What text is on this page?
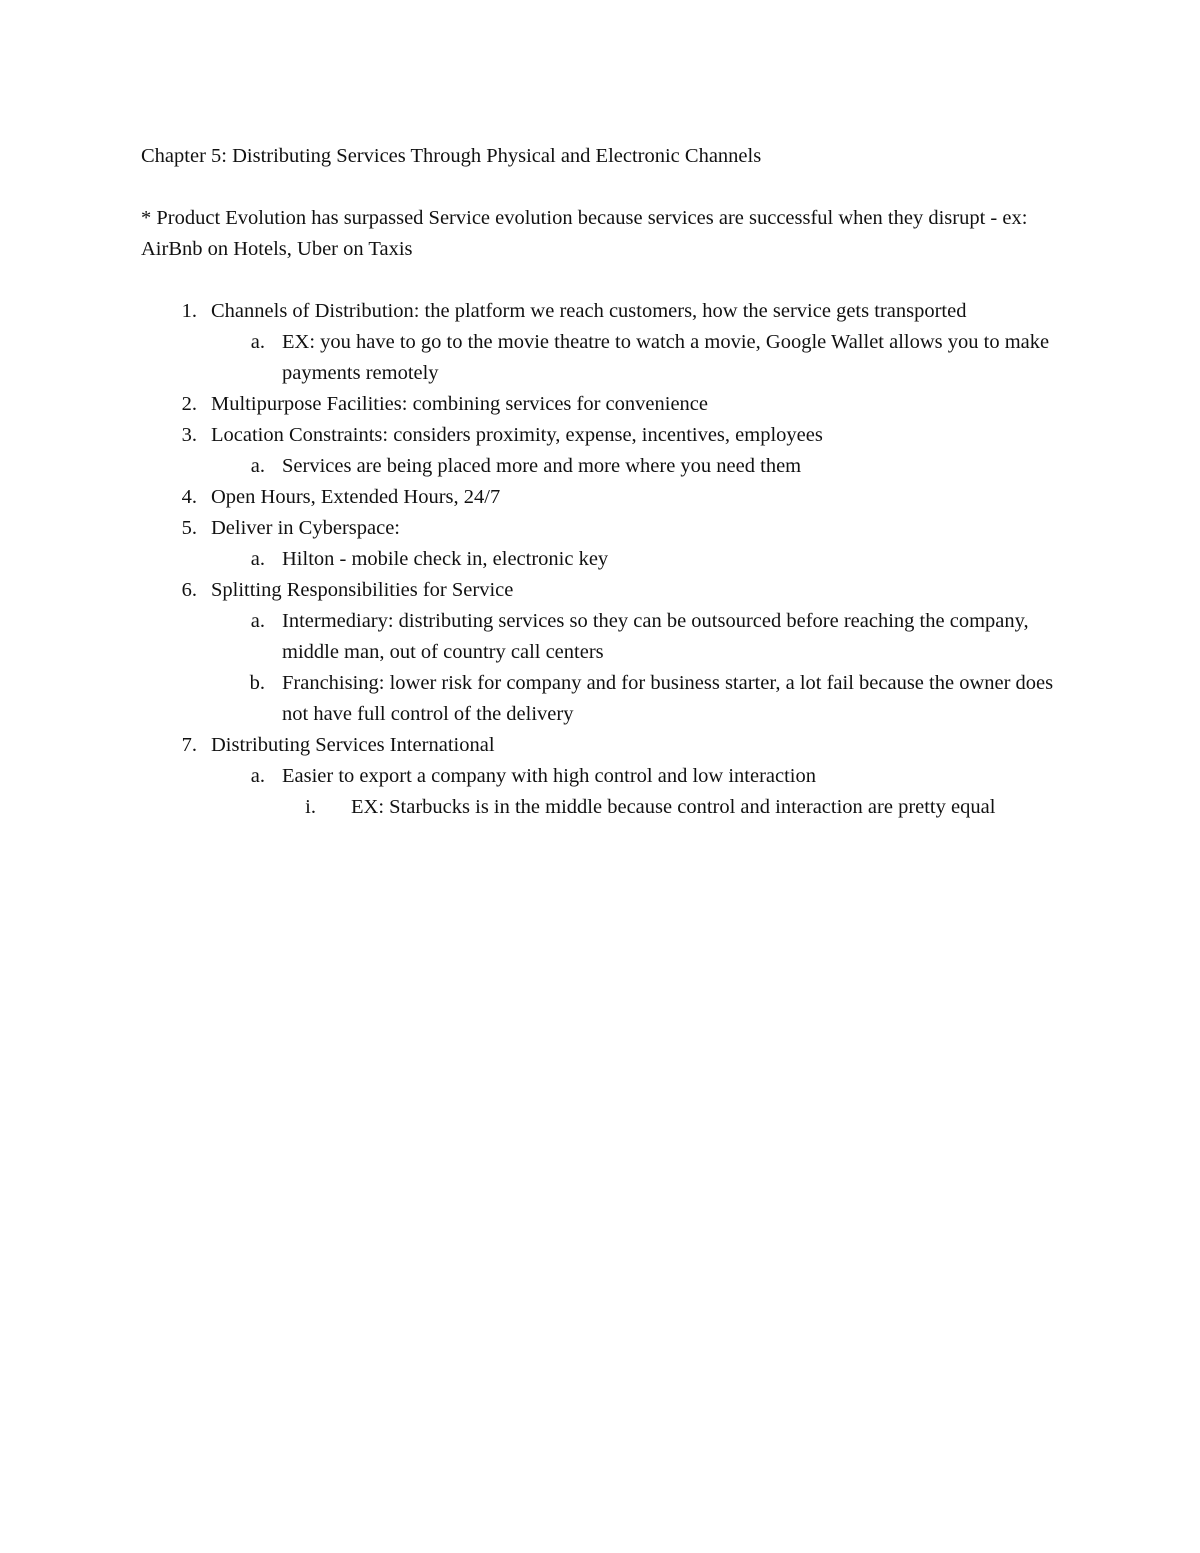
Chapter 5: Distributing Services Through Physical and Electronic Channels

* Product Evolution has surpassed Service evolution because services are successful when they disrupt - ex: AirBnb on Hotels, Uber on Taxis

1. Channels of Distribution: the platform we reach customers, how the service gets transported
a. EX: you have to go to the movie theatre to watch a movie, Google Wallet allows you to make payments remotely
2. Multipurpose Facilities: combining services for convenience
3. Location Constraints: considers proximity, expense, incentives, employees
a. Services are being placed more and more where you need them
4. Open Hours, Extended Hours, 24/7
5. Deliver in Cyberspace:
a. Hilton - mobile check in, electronic key
6. Splitting Responsibilities for Service
a. Intermediary: distributing services so they can be outsourced before reaching the company, middle man, out of country call centers
b. Franchising: lower risk for company and for business starter, a lot fail because the owner does not have full control of the delivery
7. Distributing Services International
a. Easier to export a company with high control and low interaction
i. EX: Starbucks is in the middle because control and interaction are pretty equal
